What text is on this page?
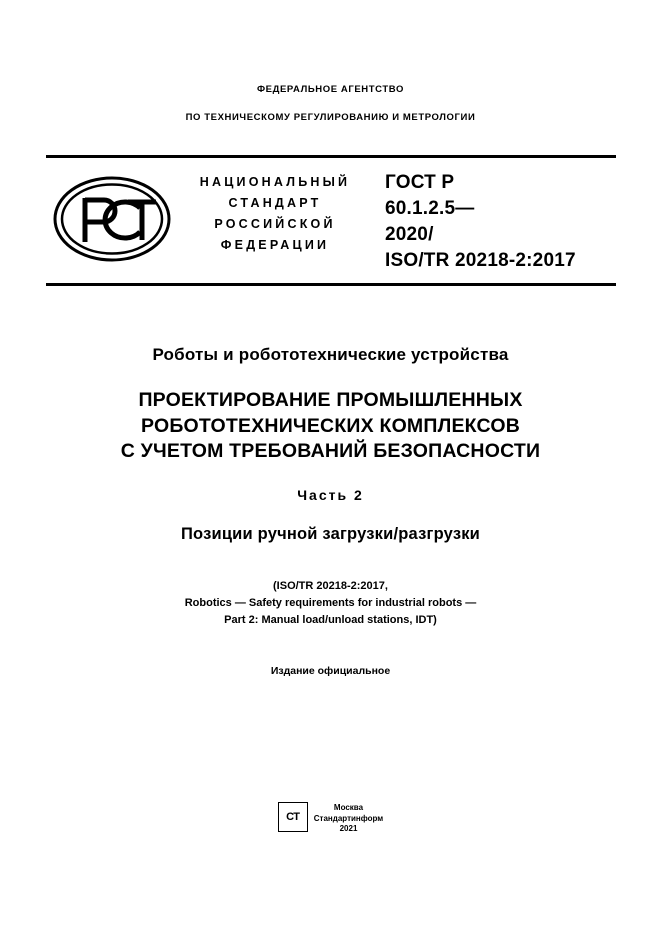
ФЕДЕРАЛЬНОЕ АГЕНТСТВО
ПО ТЕХНИЧЕСКОМУ РЕГУЛИРОВАНИЮ И МЕТРОЛОГИИ
НАЦИОНАЛЬНЫЙ
СТАНДАРТ
РОССИЙСКОЙ
ФЕДЕРАЦИИ
ГОСТ Р
60.1.2.5—
2020/
ISO/TR 20218-2:2017
Роботы и робототехнические устройства
ПРОЕКТИРОВАНИЕ ПРОМЫШЛЕННЫХ
РОБОТОТЕХНИЧЕСКИХ КОМПЛЕКСОВ
С УЧЕТОМ ТРЕБОВАНИЙ БЕЗОПАСНОСТИ
Часть 2
Позиции ручной загрузки/разгрузки
(ISO/TR 20218-2:2017,
Robotics — Safety requirements for industrial robots —
Part 2: Manual load/unload stations, IDT)
Издание официальное
СТ
Москва
Стандартинформ
2021
